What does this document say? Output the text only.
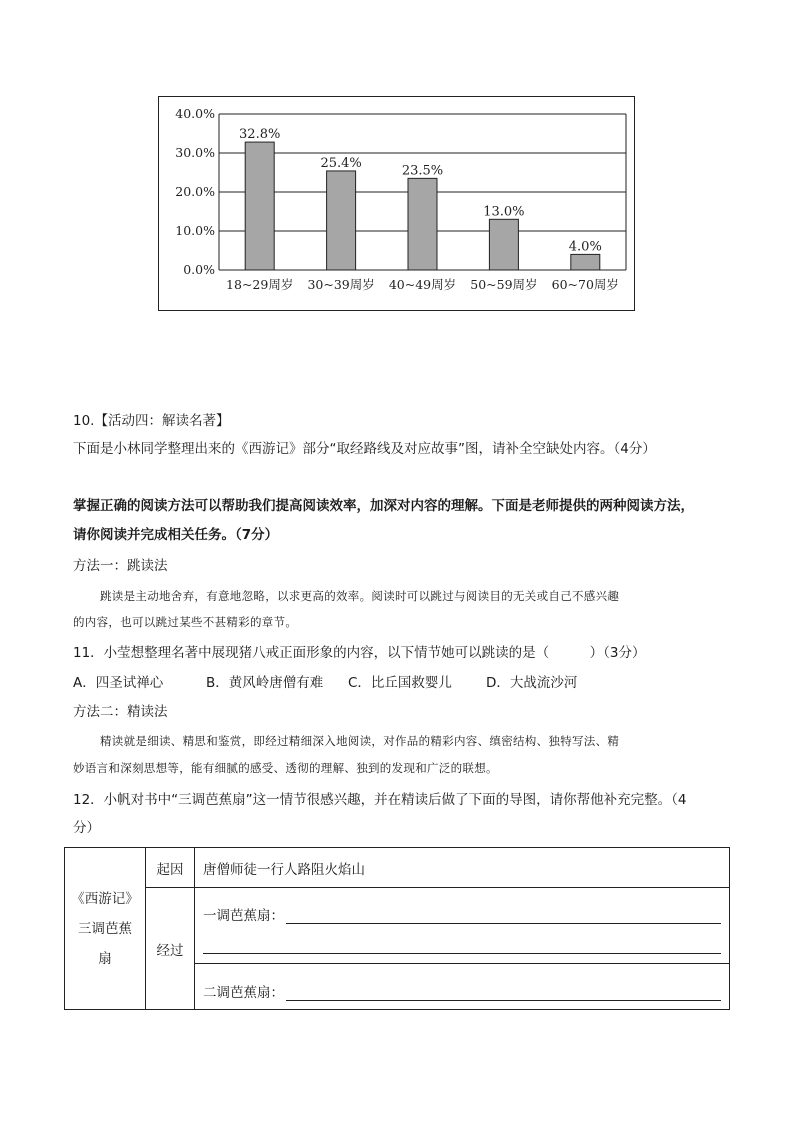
0.0%
10.0%
20.0%
30.0%
40.0%
32.8%
18~29周岁
25.4%
30~39周岁
23.5%
40~49周岁
13.0%
50~59周岁
4.0%
60~70周岁
10.【活动四：解读名著】
下面是小林同学整理出来的《西游记》部分“取经路线及对应故事”图，请补全空缺处内容。（4分）
掌握正确的阅读方法可以帮助我们提高阅读效率，加深对内容的理解。下面是老师提供的两种阅读方法，
请你阅读并完成相关任务。（7分）
方法一：跳读法
跳读是主动地舍弃，有意地忽略，以求更高的效率。阅读时可以跳过与阅读目的无关或自己不感兴趣
的内容，也可以跳过某些不甚精彩的章节。
11．小莹想整理名著中展现猪八戒正面形象的内容，以下情节她可以跳读的是（　　　）（3分）
A．四圣试禅心	B．黄风岭唐僧有难 C．比丘国救婴儿	D．大战流沙河
方法二：精读法
精读就是细读、精思和鉴赏，即经过精细深入地阅读，对作品的精彩内容、缜密结构、独特写法、精
妙语言和深刻思想等，能有细腻的感受、透彻的理解、独到的发现和广泛的联想。
12．小帆对书中“三调芭蕉扇”这一情节很感兴趣，并在精读后做了下面的导图，请你帮他补充完整。（4
分）
《西游记》
三调芭蕉
扇	起因	唐僧师徒一行人路阻火焰山
	经过	一调芭蕉扇：

		二调芭蕉扇：
